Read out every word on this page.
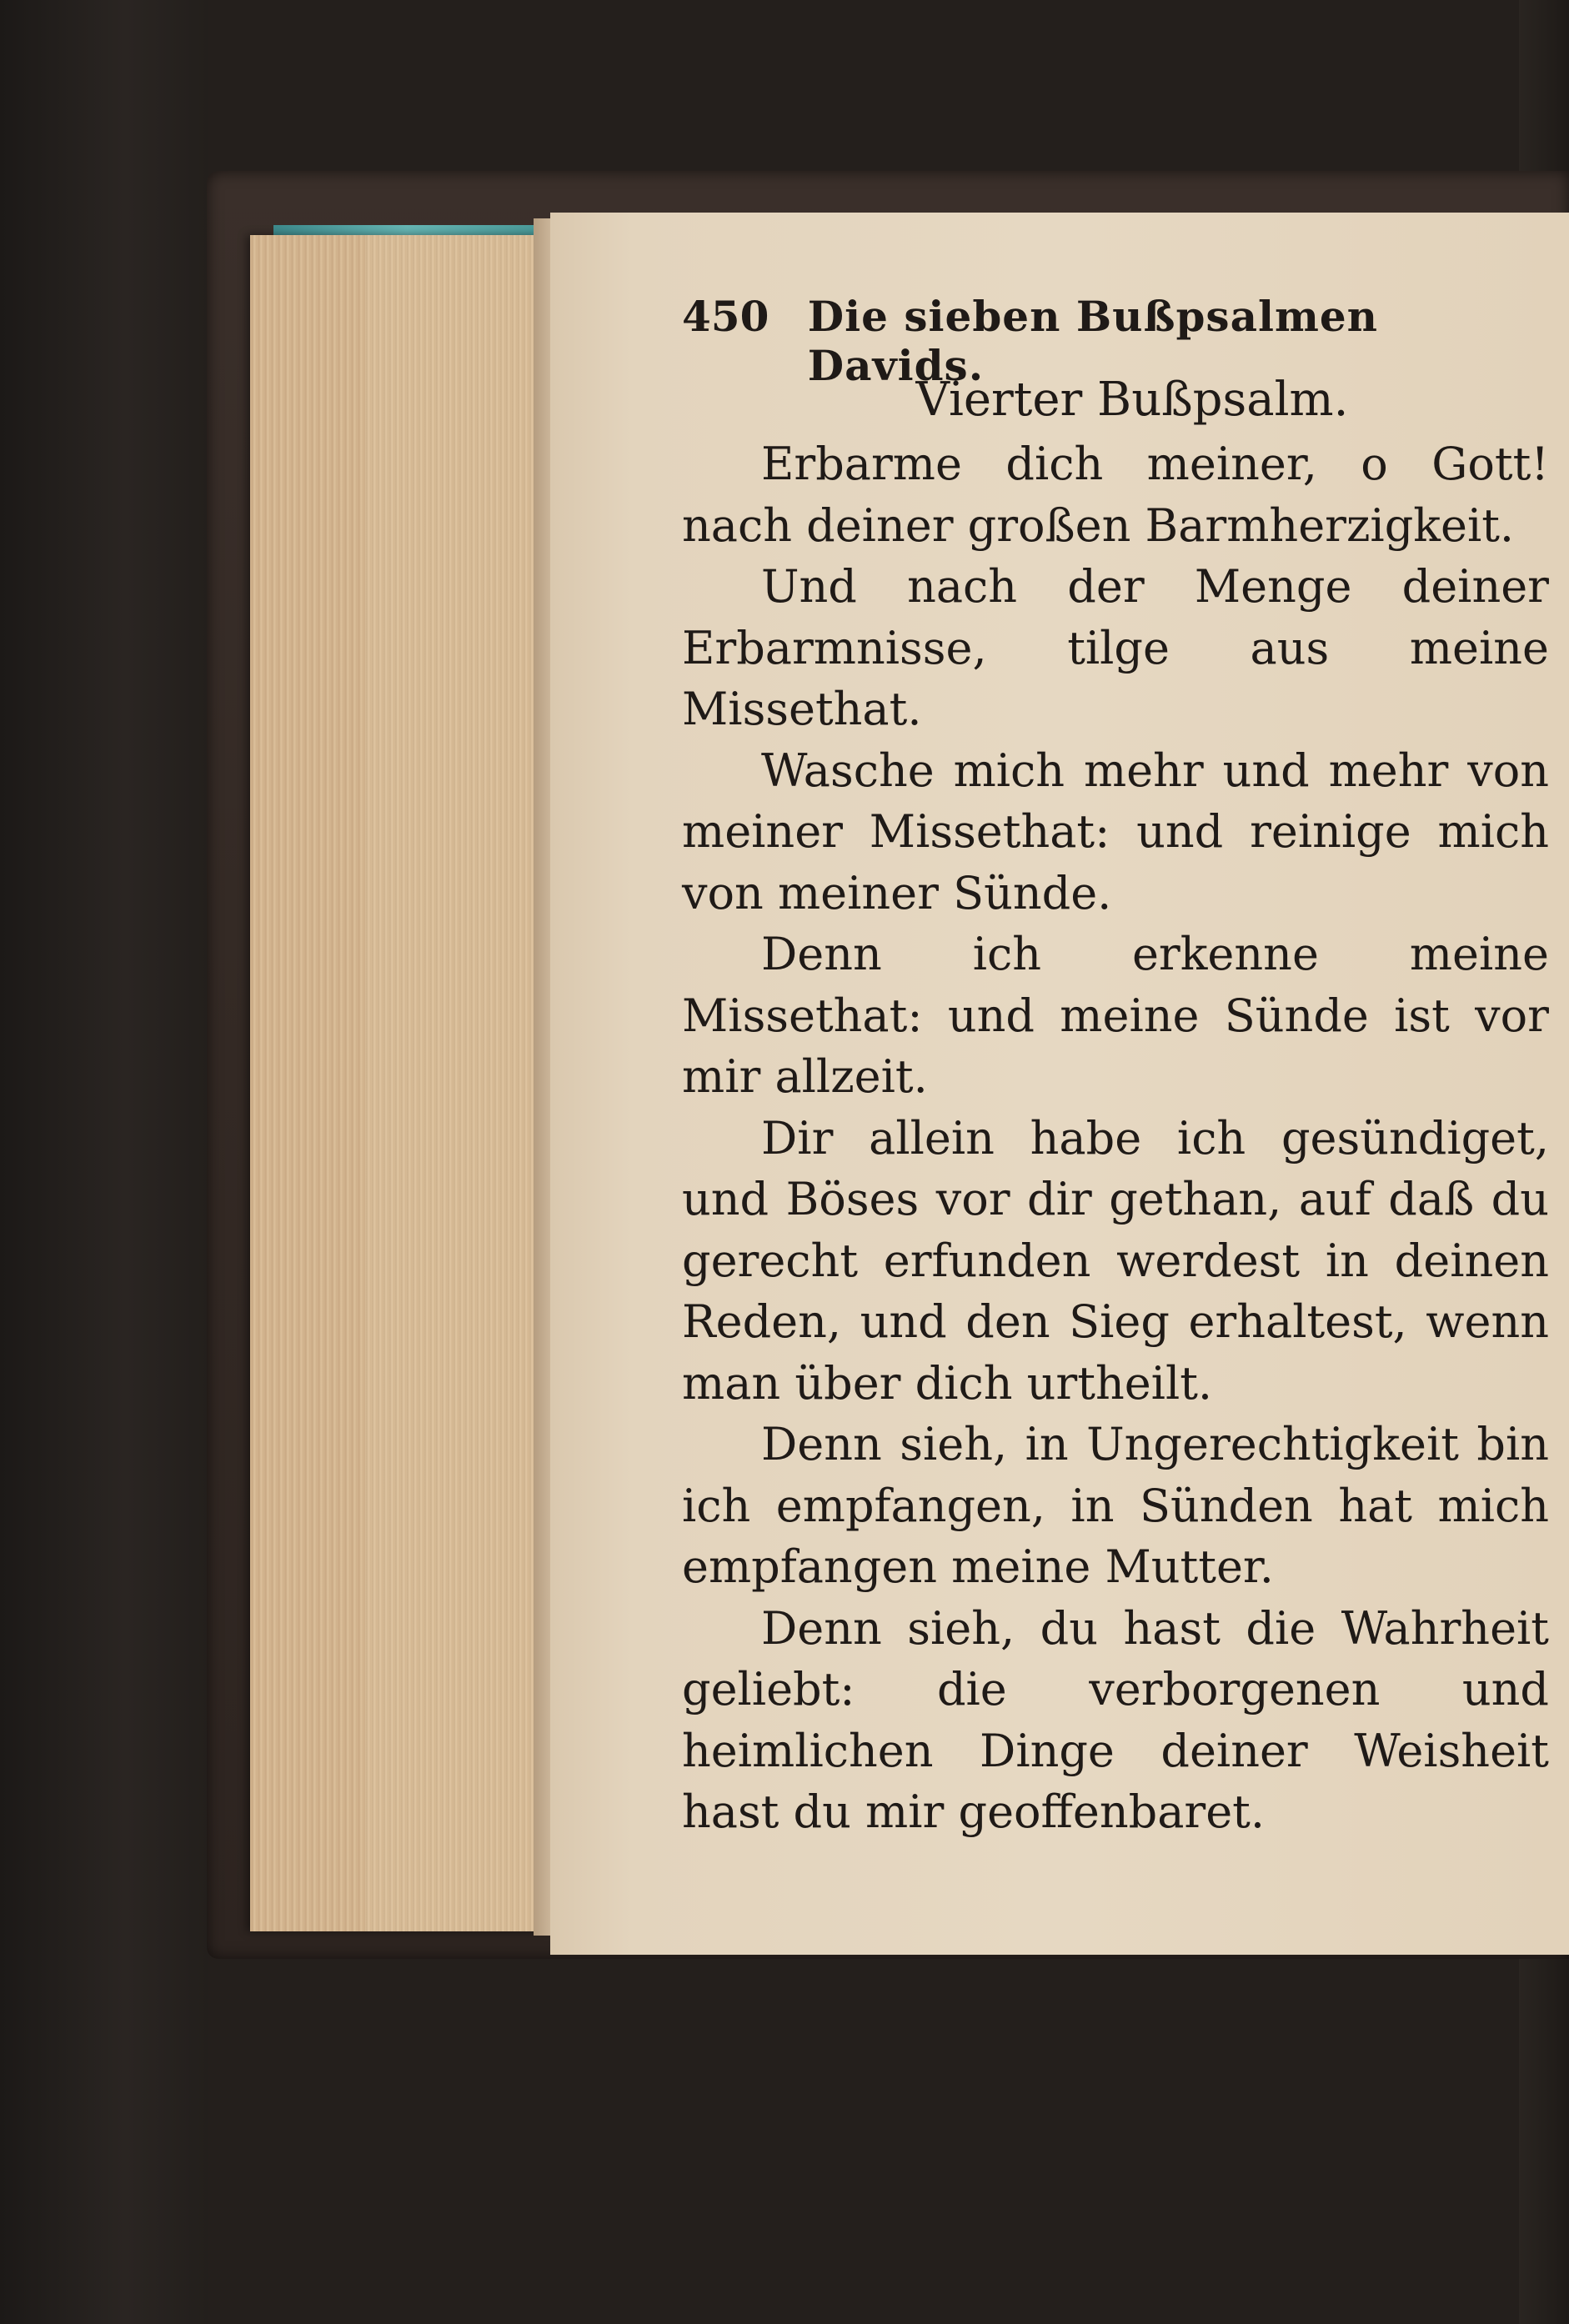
450 Die sieben Bußpsalmen Davids.
Vierter Bußpsalm.

Erbarme dich meiner, o Gott! nach deiner großen Barmherzigkeit.

Und nach der Menge deiner Erbarmnisse, tilge aus meine Missethat.

Wasche mich mehr und mehr von meiner Missethat: und reinige mich von meiner Sünde.

Denn ich erkenne meine Missethat: und meine Sünde ist vor mir allzeit.

Dir allein habe ich gesündiget, und Böses vor dir gethan, auf daß du gerecht erfunden werdest in deinen Reden, und den Sieg erhaltest, wenn man über dich urtheilt.

Denn sieh, in Ungerechtigkeit bin ich empfangen, in Sünden hat mich empfangen meine Mutter.

Denn sieh, du hast die Wahrheit geliebt: die verborgenen und heimlichen Dinge deiner Weisheit hast du mir geoffenbaret.
